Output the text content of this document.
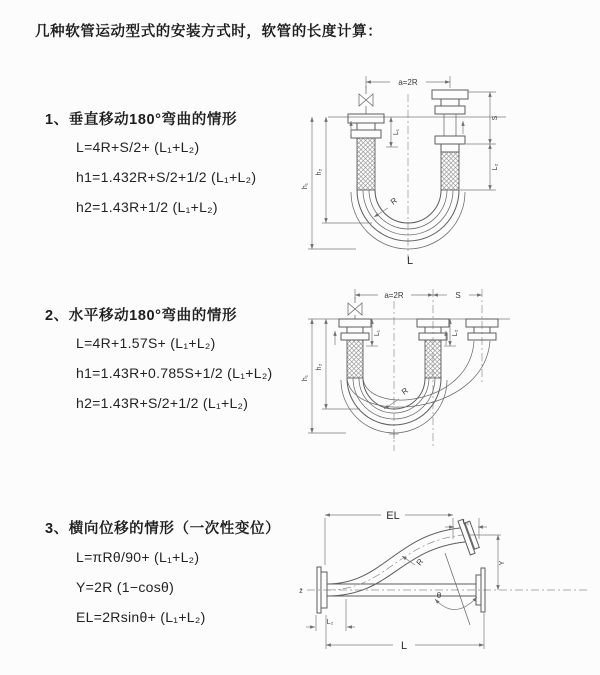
几种软管运动型式的安装方式时，软管的长度计算：
1、垂直移动180°弯曲的情形
L=4R+S/2+ (L₁+L₂)
h1=1.432R+S/2+1/2 (L₁+L₂)
h2=1.43R+1/2 (L₁+L₂)
2、水平移动180°弯曲的情形
L=4R+1.57S+ (L₁+L₂)
h1=1.43R+0.785S+1/2 (L₁+L₂)
h2=1.43R+S/2+1/2 (L₁+L₂)
3、横向位移的情形（一次性变位）
L=πRθ/90+ (L₁+L₂)
Y=2R (1−cosθ)
EL=2Rsinθ+ (L₁+L₂)
a=2R
h₁
h₂
L₁
S
L₂
R
L
a=2R	S
h₁
h₂
L₁	L₂
R
z̄
EL
L₁
Y
θ
R
L₂
L
